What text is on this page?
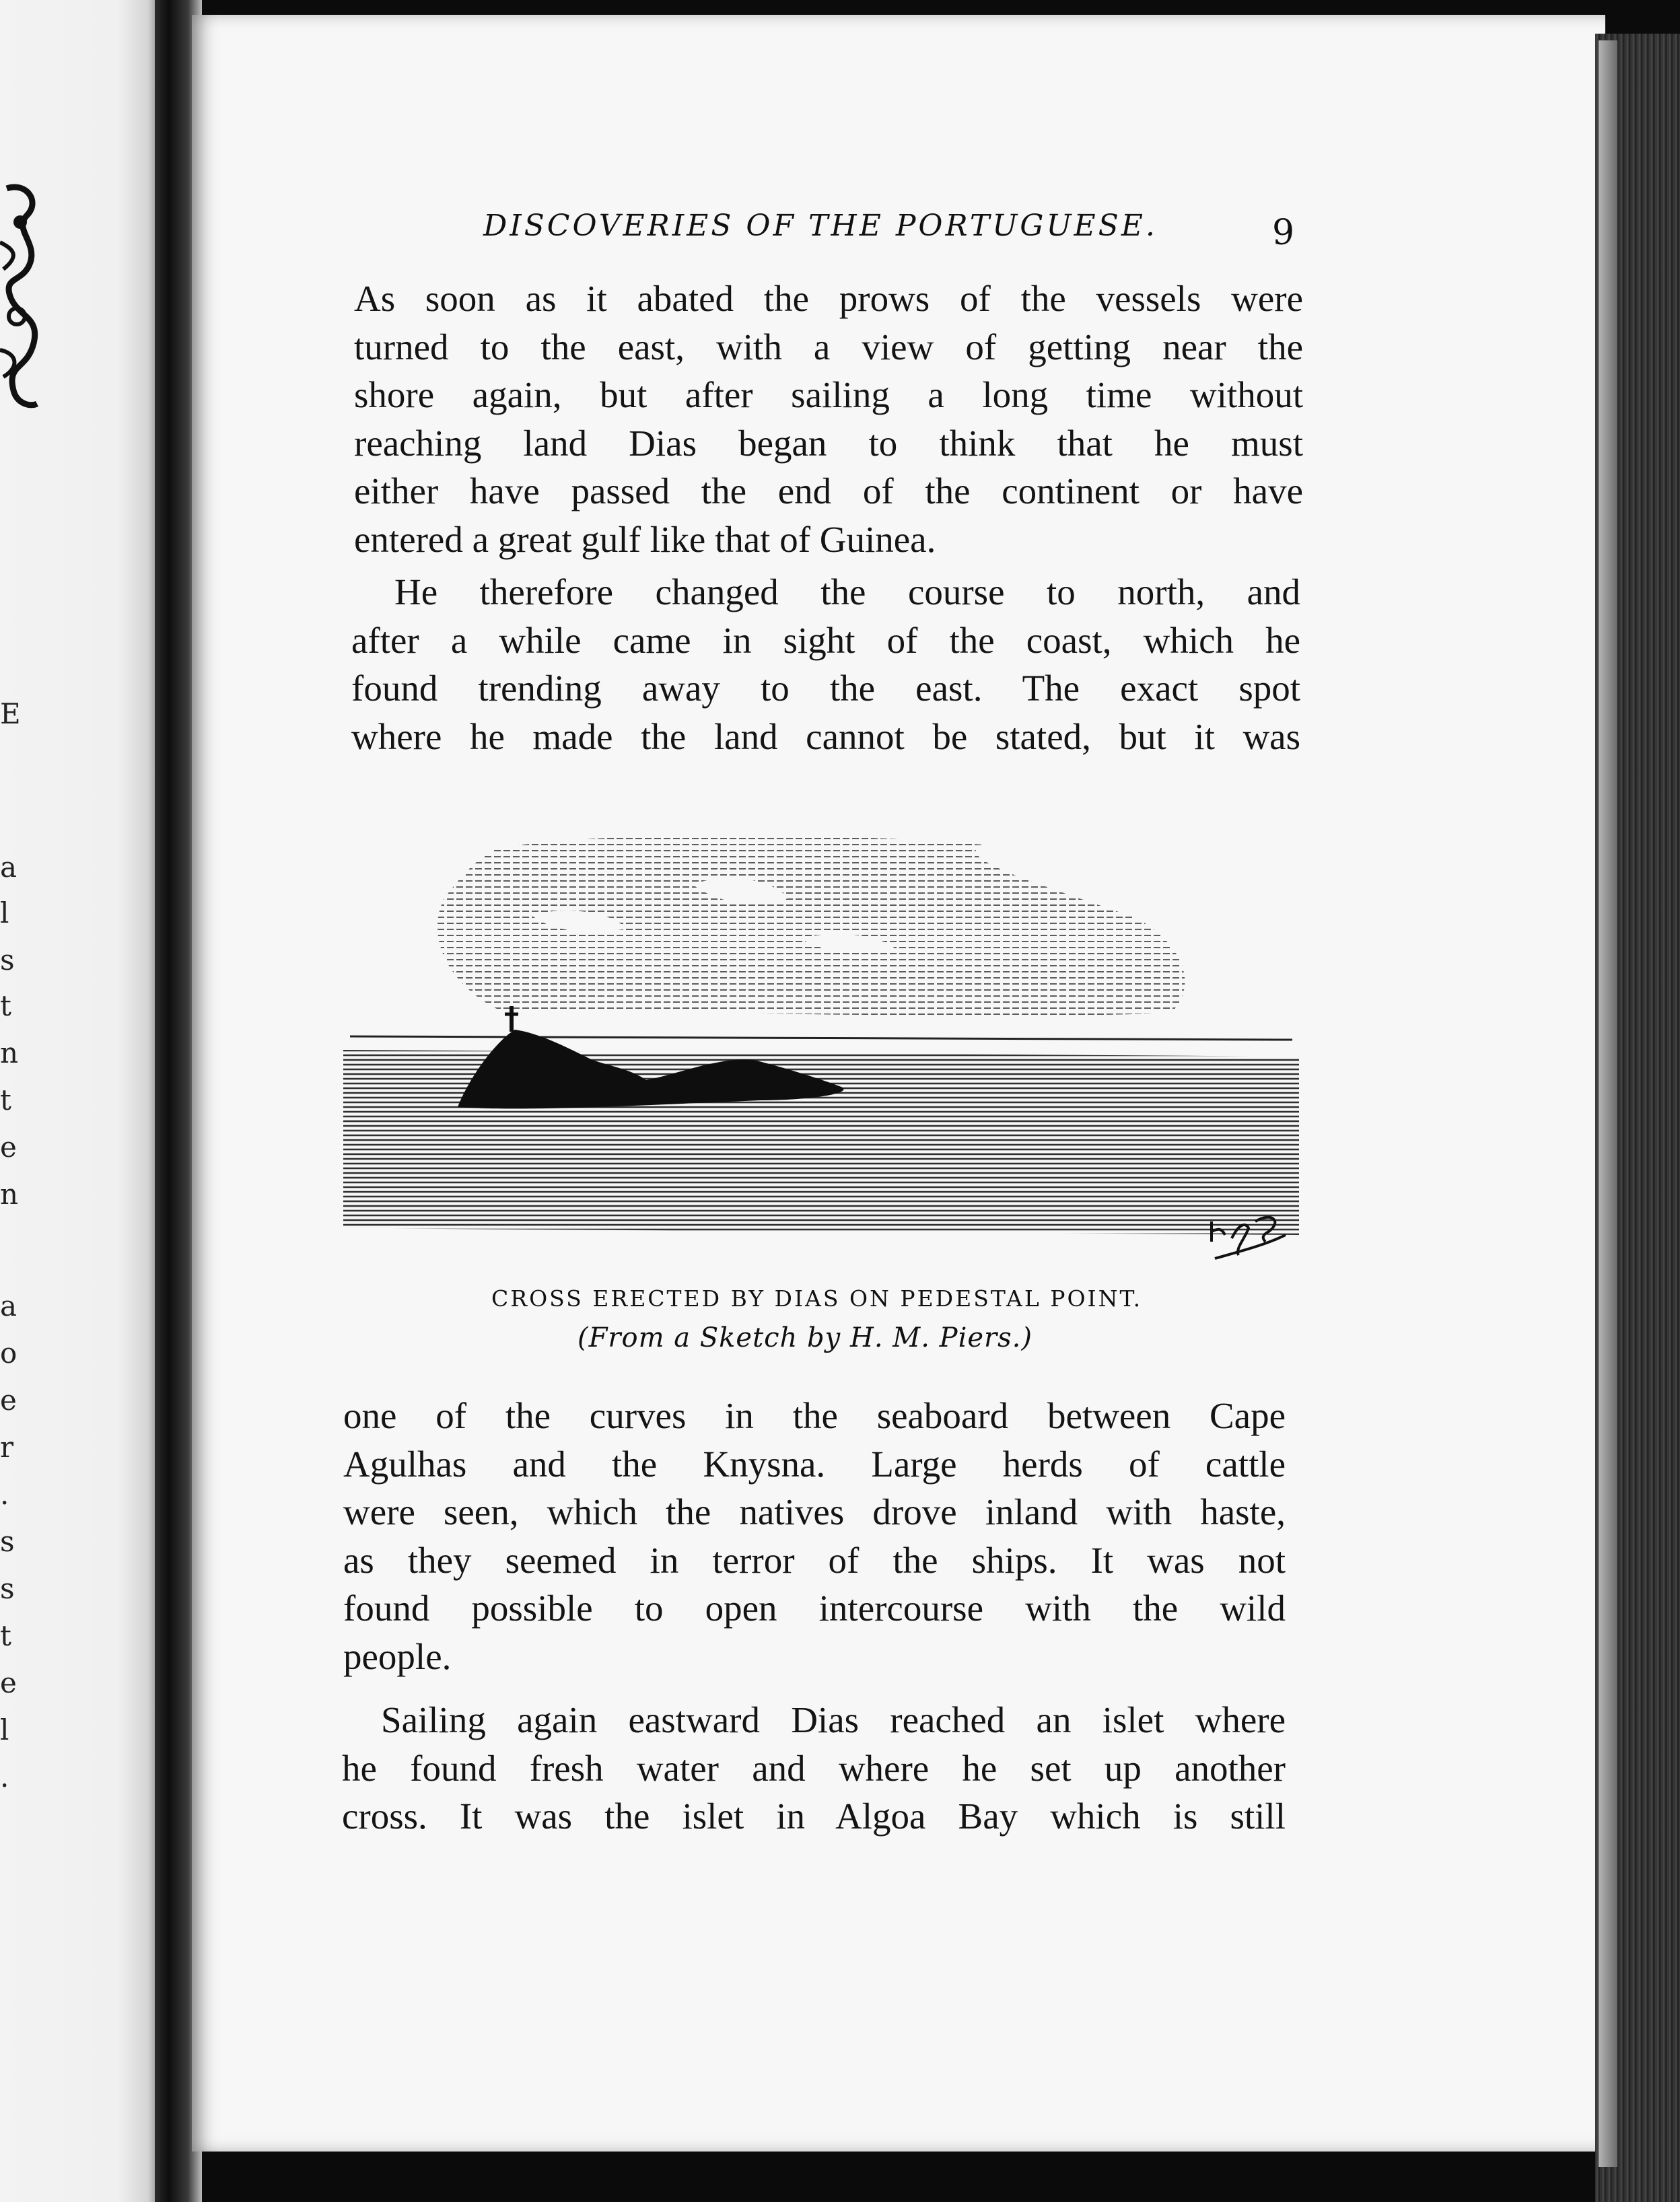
E
a
l
s
t
n
t
e
n
a
o
e
r
.
s
s
t
e
l
.
DISCOVERIES OF THE PORTUGUESE.	9
As soon as it abated the prows of the vessels were
turned to the east, with a view of getting near the
shore again, but after sailing a long time without
reaching land Dias began to think that he must
either have passed the end of the continent or have
entered a great gulf like that of Guinea.
He therefore changed the course to north, and
after a while came in sight of the coast, which he
found trending away to the east. The exact spot
where he made the land cannot be stated, but it was
CROSS ERECTED BY DIAS ON PEDESTAL POINT.
(From a Sketch by H. M. Piers.)
one of the curves in the seaboard between Cape
Agulhas and the Knysna. Large herds of cattle
were seen, which the natives drove inland with haste,
as they seemed in terror of the ships. It was not
found possible to open intercourse with the wild
people.
Sailing again eastward Dias reached an islet where
he found fresh water and where he set up another
cross. It was the islet in Algoa Bay which is still
